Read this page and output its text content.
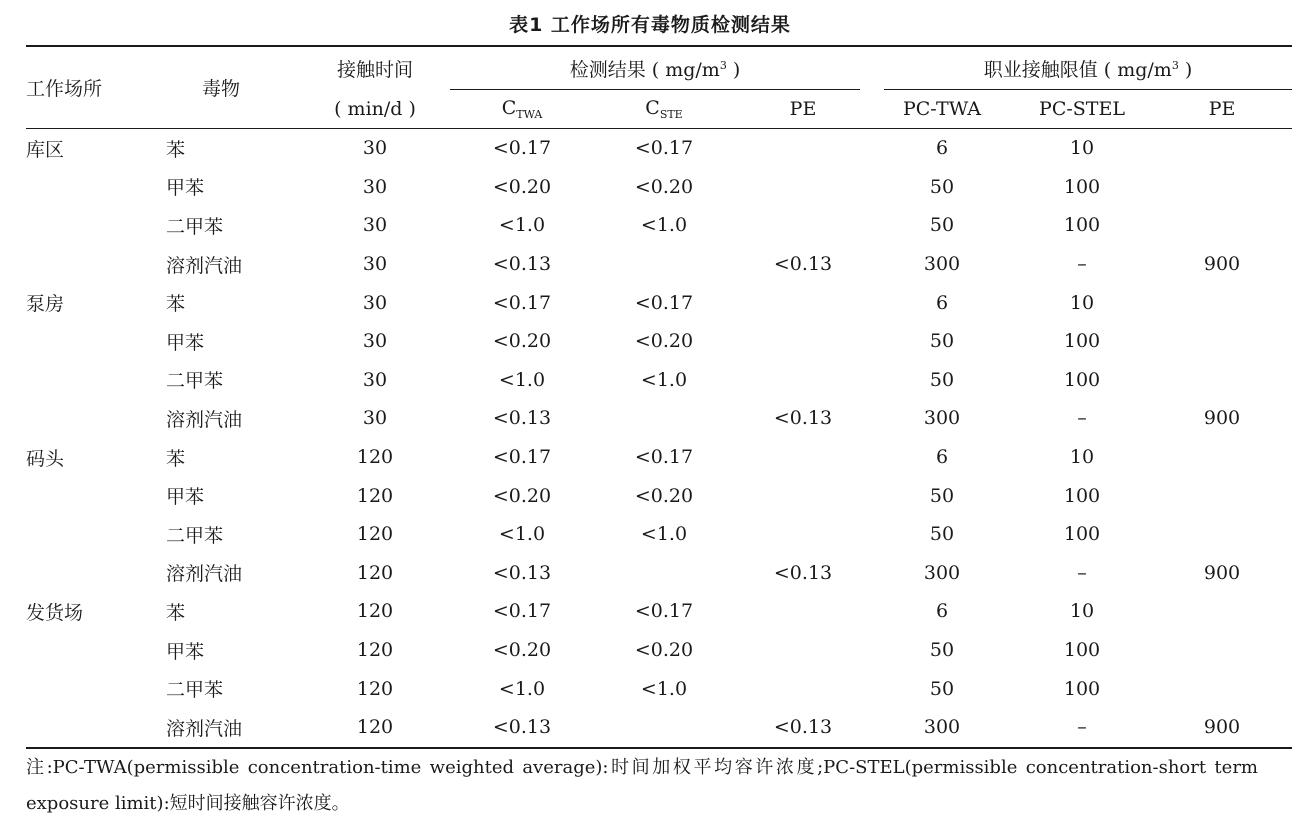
表1 工作场所有毒物质检测结果
工作场所	毒物	接触时间	检测结果 ( $mg/m^3$ )			职业接触限值 ( $mg/m^3$ )		

		( min/d )	$C_{TWA}$	$C_{STE}$	PE	PC-TWA	PC-STEL	PE
库区	苯	30	<0.17	<0.17		6	10	
	甲苯	30	<0.20	<0.20		50	100	
	二甲苯	30	<1.0	<1.0		50	100	
	溶剂汽油	30	<0.13		<0.13	300	–	900
泵房	苯	30	<0.17	<0.17		6	10	
	甲苯	30	<0.20	<0.20		50	100	
	二甲苯	30	<1.0	<1.0		50	100	
	溶剂汽油	30	<0.13		<0.13	300	–	900
码头	苯	120	<0.17	<0.17		6	10	
	甲苯	120	<0.20	<0.20		50	100	
	二甲苯	120	<1.0	<1.0		50	100	
	溶剂汽油	120	<0.13		<0.13	300	–	900
发货场	苯	120	<0.17	<0.17		6	10	
	甲苯	120	<0.20	<0.20		50	100	
	二甲苯	120	<1.0	<1.0		50	100	
	溶剂汽油	120	<0.13		<0.13	300	–	900
注:PC-TWA(permissible concentration-time weighted average):时间加权平均容许浓度;PC-STEL(permissible concentration-short term exposure limit):短时间接触容许浓度。
